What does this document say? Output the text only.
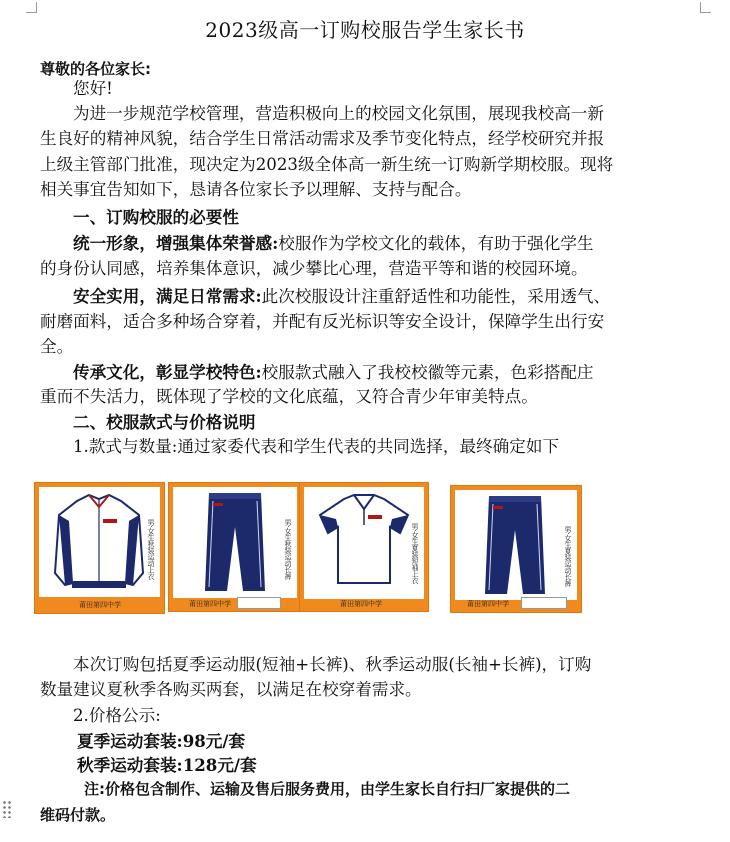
2023级高一订购校服告学生家长书
尊敬的各位家长:
您好!
为进一步规范学校管理，营造积极向上的校园文化氛围，展现我校高一新
生良好的精神风貌，结合学生日常活动需求及季节变化特点，经学校研究并报
上级主管部门批准，现决定为2023级全体高一新生统一订购新学期校服。现将
相关事宜告知如下，恳请各位家长予以理解、支持与配合。
一、订购校服的必要性
统一形象，增强集体荣誉感:校服作为学校文化的载体，有助于强化学生
的身份认同感，培养集体意识，减少攀比心理，营造平等和谐的校园环境。
安全实用，满足日常需求:此次校服设计注重舒适性和功能性，采用透气、
耐磨面料，适合多种场合穿着，并配有反光标识等安全设计，保障学生出行安
全。
传承文化，彰显学校特色:校服款式融入了我校校徽等元素，色彩搭配庄
重而不失活力，既体现了学校的文化底蕴，又符合青少年审美特点。
二、校服款式与价格说明
1.款式与数量:通过家委代表和学生代表的共同选择，最终确定如下
男·女生秋装运动上衣
莆田第四中学
男·女生秋装运动长裤
莆田第四中学
男·女生夏装短袖上衣
莆田第四中学
男·女生夏装运动长裤
莆田第四中学
本次订购包括夏季运动服(短袖+长裤)、秋季运动服(长袖+长裤)，订购
数量建议夏秋季各购买两套，以满足在校穿着需求。
2.价格公示:
夏季运动套装:98元/套
秋季运动套装:128元/套
注:价格包含制作、运输及售后服务费用，由学生家长自行扫厂家提供的二
维码付款。
